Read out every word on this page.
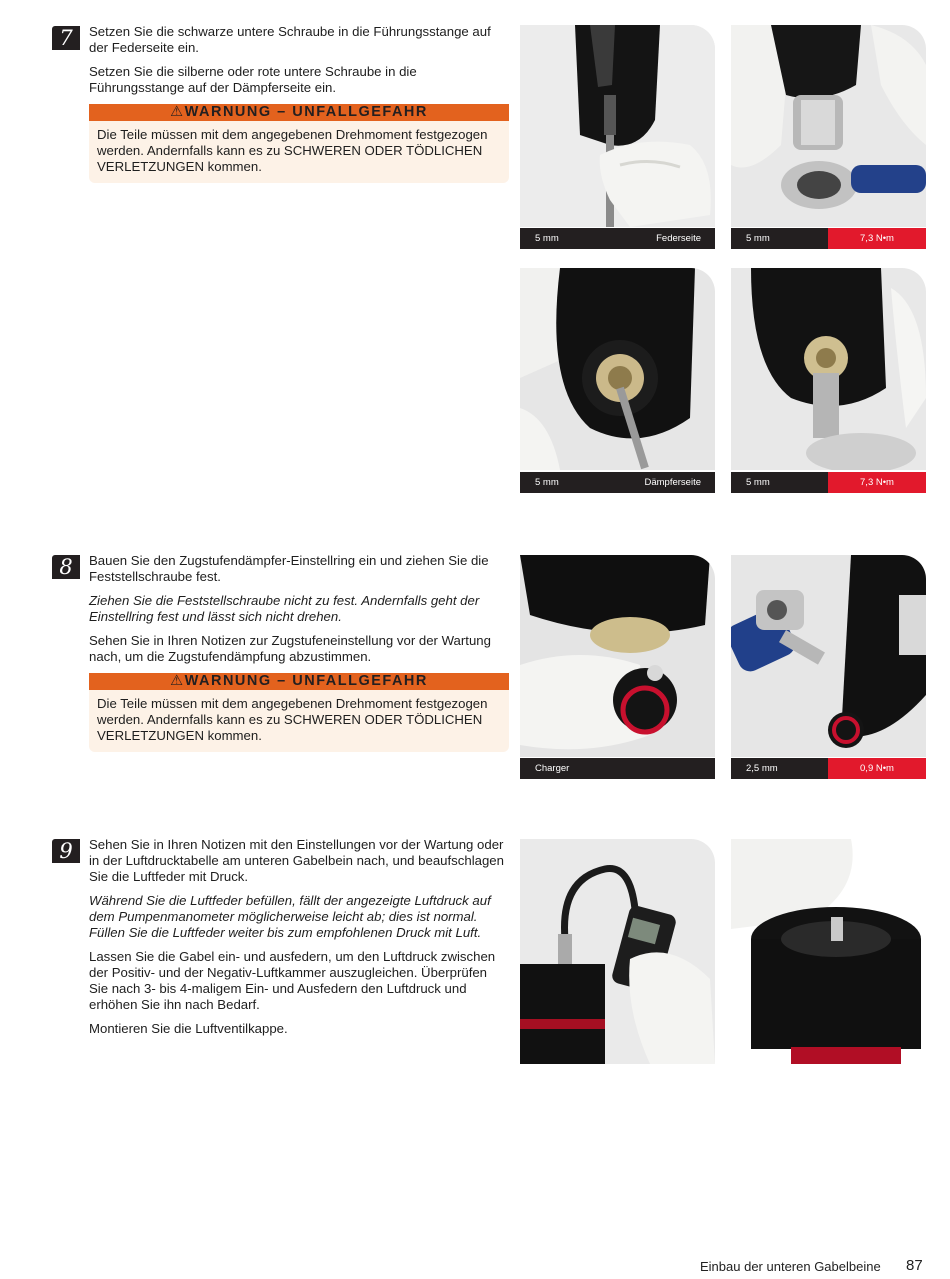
7	Setzen Sie die schwarze untere Schraube in die Führungsstange auf der Federseite ein.

Setzen Sie die silberne oder rote untere Schraube in die Führungsstange auf der Dämpferseite ein.

⚠WARNUNG – UNFALLGEFAHR
Die Teile müssen mit dem angegebenen Drehmoment festgezogen werden. Andernfalls kann es zu SCHWEREN ODER TÖDLICHEN VERLETZUNGEN kommen.
5 mm	Federseite	5 mm	7,3 N•m
5 mm	Dämpferseite	5 mm	7,3 N•m
8	Bauen Sie den Zugstufendämpfer-Einstellring ein und ziehen Sie die Feststellschraube fest.

Ziehen Sie die Feststellschraube nicht zu fest. Andernfalls geht der Einstellring fest und lässt sich nicht drehen.

Sehen Sie in Ihren Notizen zur Zugstufeneinstellung vor der Wartung nach, um die Zugstufendämpfung abzustimmen.

⚠WARNUNG – UNFALLGEFAHR
Die Teile müssen mit dem angegebenen Drehmoment festgezogen werden. Andernfalls kann es zu SCHWEREN ODER TÖDLICHEN VERLETZUNGEN kommen.
Charger	2,5 mm	0,9 N•m
9	Sehen Sie in Ihren Notizen mit den Einstellungen vor der Wartung oder in der Luftdrucktabelle am unteren Gabelbein nach, und beaufschlagen Sie die Luftfeder mit Druck.

Während Sie die Luftfeder befüllen, fällt der angezeigte Luftdruck auf dem Pumpenmanometer möglicherweise leicht ab; dies ist normal. Füllen Sie die Luftfeder weiter bis zum empfohlenen Druck mit Luft.

Lassen Sie die Gabel ein- und ausfedern, um den Luftdruck zwischen der Positiv- und der Negativ-Luftkammer auszugleichen. Überprüfen Sie nach 3- bis 4-maligem Ein- und Ausfedern den Luftdruck und erhöhen Sie ihn nach Bedarf.

Montieren Sie die Luftventilkappe.

Einbau der unteren Gabelbeine 87
